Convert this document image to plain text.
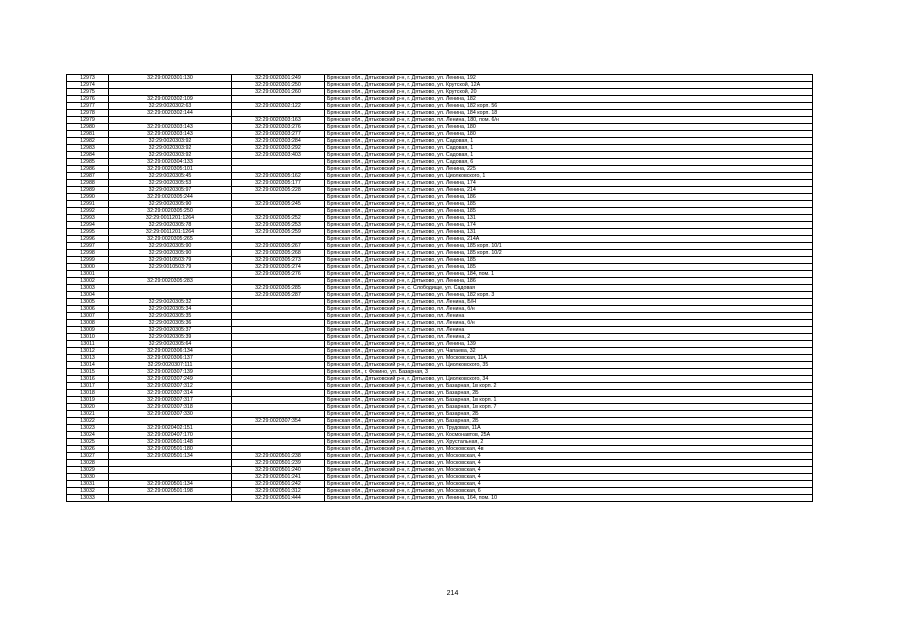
12973	32:29:0020301:130	32:29:0020301:249	Брянская обл., Дятьковский р-н, г. Дятьково, ул. Ленина, 192
12974		32:29:0020301:250	Брянская обл., Дятьковский р-н, г. Дятьково, ул. Крутской, 12А
12975		32:29:0020301:260	Брянская обл., Дятьковский р-н, г. Дятьково, ул. Крутской, 20
12976	32:29:0020302:109		Брянская обл., Дятьковский р-н, г. Дятьково, ул. Ленина, 182
12977	32:29:0020302:63	32:29:0020302:122	Брянская обл., Дятьковский р-н, г. Дятьково, ул. Ленина, 182 корп. 56
12978	32:29:0020302:144		Брянская обл., Дятьковский р-н, г. Дятьково, ул. Ленина, 184 корп. 18
12979		32:29:0020303:163	Брянская обл., Дятьковский р-н, г. Дятьково, пл. Ленина, 180, пом. 6/н
12980	32:29:0020303:143	32:29:0020303:276	Брянская обл., Дятьковский р-н, г. Дятьково, ул. Ленина, 180
12981	32:29:0020303:143	32:29:0020303:277	Брянская обл., Дятьковский р-н, г. Дятьково, ул. Ленина, 180
12982	32:29:0020303:92	32:29:0020303:284	Брянская обл., Дятьковский р-н, г. Дятьково, ул. Садовая, 1
12983	32:29:0020303:92	32:29:0020303:292	Брянская обл., Дятьковский р-н, г. Дятьково, ул. Садовая, 1
12984	32:29:0020303:92	32:29:0020303:403	Брянская обл., Дятьковский р-н, г. Дятьково, ул. Садовая, 1
12985	32:29:0020304:133		Брянская обл., Дятьковский р-н, г. Дятьково, ул. Садовая, 6
12986	32:29:0020305:101		Брянская обл., Дятьковский р-н, г. Дятьково, ул. Ленина, 225
12987	32:29:0020305:45	32:29:0020305:162	Брянская обл., Дятьковский р-н, г. Дятьково, ул. Циолковского, 1
12988	32:29:0020305:53	32:29:0020305:177	Брянская обл., Дятьковский р-н, г. Дятьково, ул. Ленина, 174
12989	32:29:0020305:97	32:29:0020305:228	Брянская обл., Дятьковский р-н, г. Дятьково, ул. Ленина, 214
12990	32:29:0020305:244		Брянская обл., Дятьковский р-н, г. Дятьково, ул. Ленина, 186
12991	32:29:0020305:90	32:29:0020305:245	Брянская обл., Дятьковский р-н, г. Дятьково, ул. Ленина, 185
12992	32:29:0020305:250		Брянская обл., Дятьковский р-н, г. Дятьково, ул. Ленина, 185
12993	32:29:0011201:1264	32:29:0020305:252	Брянская обл., Дятьковский р-н, г. Дятьково, ул. Ленина, 131
12994	32:29:0020305:78	32:29:0020305:253	Брянская обл., Дятьковский р-н, г. Дятьково, ул. Ленина, 174
12995	32:29:0011201:1264	32:29:0020305:259	Брянская обл., Дятьковский р-н, г. Дятьково, ул. Ленина, 131
12996	32:29:0020305:265		Брянская обл., Дятьковский р-н, г. Дятьково, ул. Ленина, 214А
12997	32:29:0020305:90	32:29:0020305:267	Брянская обл., Дятьковский р-н, г. Дятьково, ул. Ленина, 185 корп. 10/1
12998	32:29:0020305:90	32:29:0020305:268	Брянская обл., Дятьковский р-н, г. Дятьково, ул. Ленина, 185 корп. 10/2
12999	32:29:0010503:79	32:29:0020305:273	Брянская обл., Дятьковский р-н, г. Дятьково, ул. Ленина, 185
13000	32:29:0010503:79	32:29:0020305:274	Брянская обл., Дятьковский р-н, г. Дятьково, ул. Ленина, 185
13001		32:29:0020305:276	Брянская обл., Дятьковский р-н, г. Дятьково, ул. Ленина, 184, пом. 1
13002	32:29:0020305:283		Брянская обл., Дятьковский р-н, г. Дятьково, ул. Ленина, 186
13003		32:29:0020305:285	Брянская обл., Дятьковский р-н, с. Слободище, ул. Садовая
13004		32:29:0020305:287	Брянская обл., Дятьковский р-н, г. Дятьково, ул. Ленина, 182 корп. 3
13005	32:29:0020305:32		Брянская обл., Дятьковский р-н, г. Дятьково, пл. Ленина, Б/Н
13006	32:29:0020305:34		Брянская обл., Дятьковский р-н, г. Дятьково, пл. Ленина, б/н
13007	32:29:0020305:35		Брянская обл., Дятьковский р-н, г. Дятьково, пл. Ленина
13008	32:29:0020305:36		Брянская обл., Дятьковский р-н, г. Дятьково, пл. Ленина, б/н
13009	32:29:0020305:37		Брянская обл., Дятьковский р-н, г. Дятьково, пл. Ленина
13010	32:29:0020305:39		Брянская обл., Дятьковский р-н, г. Дятьково, пл. Ленина, 2
13011	32:29:0020305:64		Брянская обл., Дятьковский р-н, г. Дятьково, ул. Ленина, 139
13012	32:29:0020306:134		Брянская обл., Дятьковский р-н, г. Дятьково, ул. Чапаева, 32
13013	32:29:0020306:137		Брянская обл., Дятьковский р-н, г. Дятьково, ул. Московская, 11А
13014	32:29:0020307:111		Брянская обл., Дятьковский р-н, г. Дятьково, ул. Циолковского, 35
13015	32:29:0020307:139		Брянская обл., г. Фокино, ул. Базарная, 3
13016	32:29:0020307:249		Брянская обл., Дятьковский р-н, г. Дятьково, ул. Циолковского, 34
13017	32:29:0020307:312		Брянская обл., Дятьковский р-н, г. Дятьково, ул. Базарная, 1в корп. 2
13018	32:29:0020307:314		Брянская обл., Дятьковский р-н, г. Дятьково, ул. Базарная, 2Б
13019	32:29:0020307:317		Брянская обл., Дятьковский р-н, г. Дятьково, ул. Базарная, 1в корп. 1
13020	32:29:0020307:318		Брянская обл., Дятьковский р-н, г. Дятьково, ул. Базарная, 1в корп. 7
13021	32:29:0020307:330		Брянская обл., Дятьковский р-н, г. Дятьково, ул. Базарная, 2Б
13022		32:29:0020307:354	Брянская обл., Дятьковский р-н, г. Дятьково, ул. Базарная, 2Б
13023	32:29:0020402:151		Брянская обл., Дятьковский р-н, г. Дятьково, ул. Трудовая, 11А
13024	32:29:0020407:170		Брянская обл., Дятьковский р-н, г. Дятьково, ул. Космонавтов, 25А
13025	32:29:0020501:148		Брянская обл., Дятьковский р-н, г. Дятьково, ул. Хрустальная, 2
13026	32:29:0020501:180		Брянская обл., Дятьковский р-н, г. Дятьково, ул. Московская, 4в
13027	32:29:0020501:134	32:29:0020501:238	Брянская обл., Дятьковский р-н, г. Дятьково, ул. Московская, 4
13028		32:29:0020501:239	Брянская обл., Дятьковский р-н, г. Дятьково, ул. Московская, 4
13029		32:29:0020501:240	Брянская обл., Дятьковский р-н, г. Дятьково, ул. Московская, 4
13030		32:29:0020501:241	Брянская обл., Дятьковский р-н, г. Дятьково, ул. Московская, 4
13031	32:29:0020501:134	32:29:0020501:242	Брянская обл., Дятьковский р-н, г. Дятьково, ул. Московская, 4
13032	32:29:0020501:198	32:29:0020501:312	Брянская обл., Дятьковский р-н, г. Дятьково, ул. Московская, 6
13033		32:29:0020501:444	Брянская обл., Дятьковский р-н, г. Дятьково, ул. Ленина, 164, пом. 10
214
